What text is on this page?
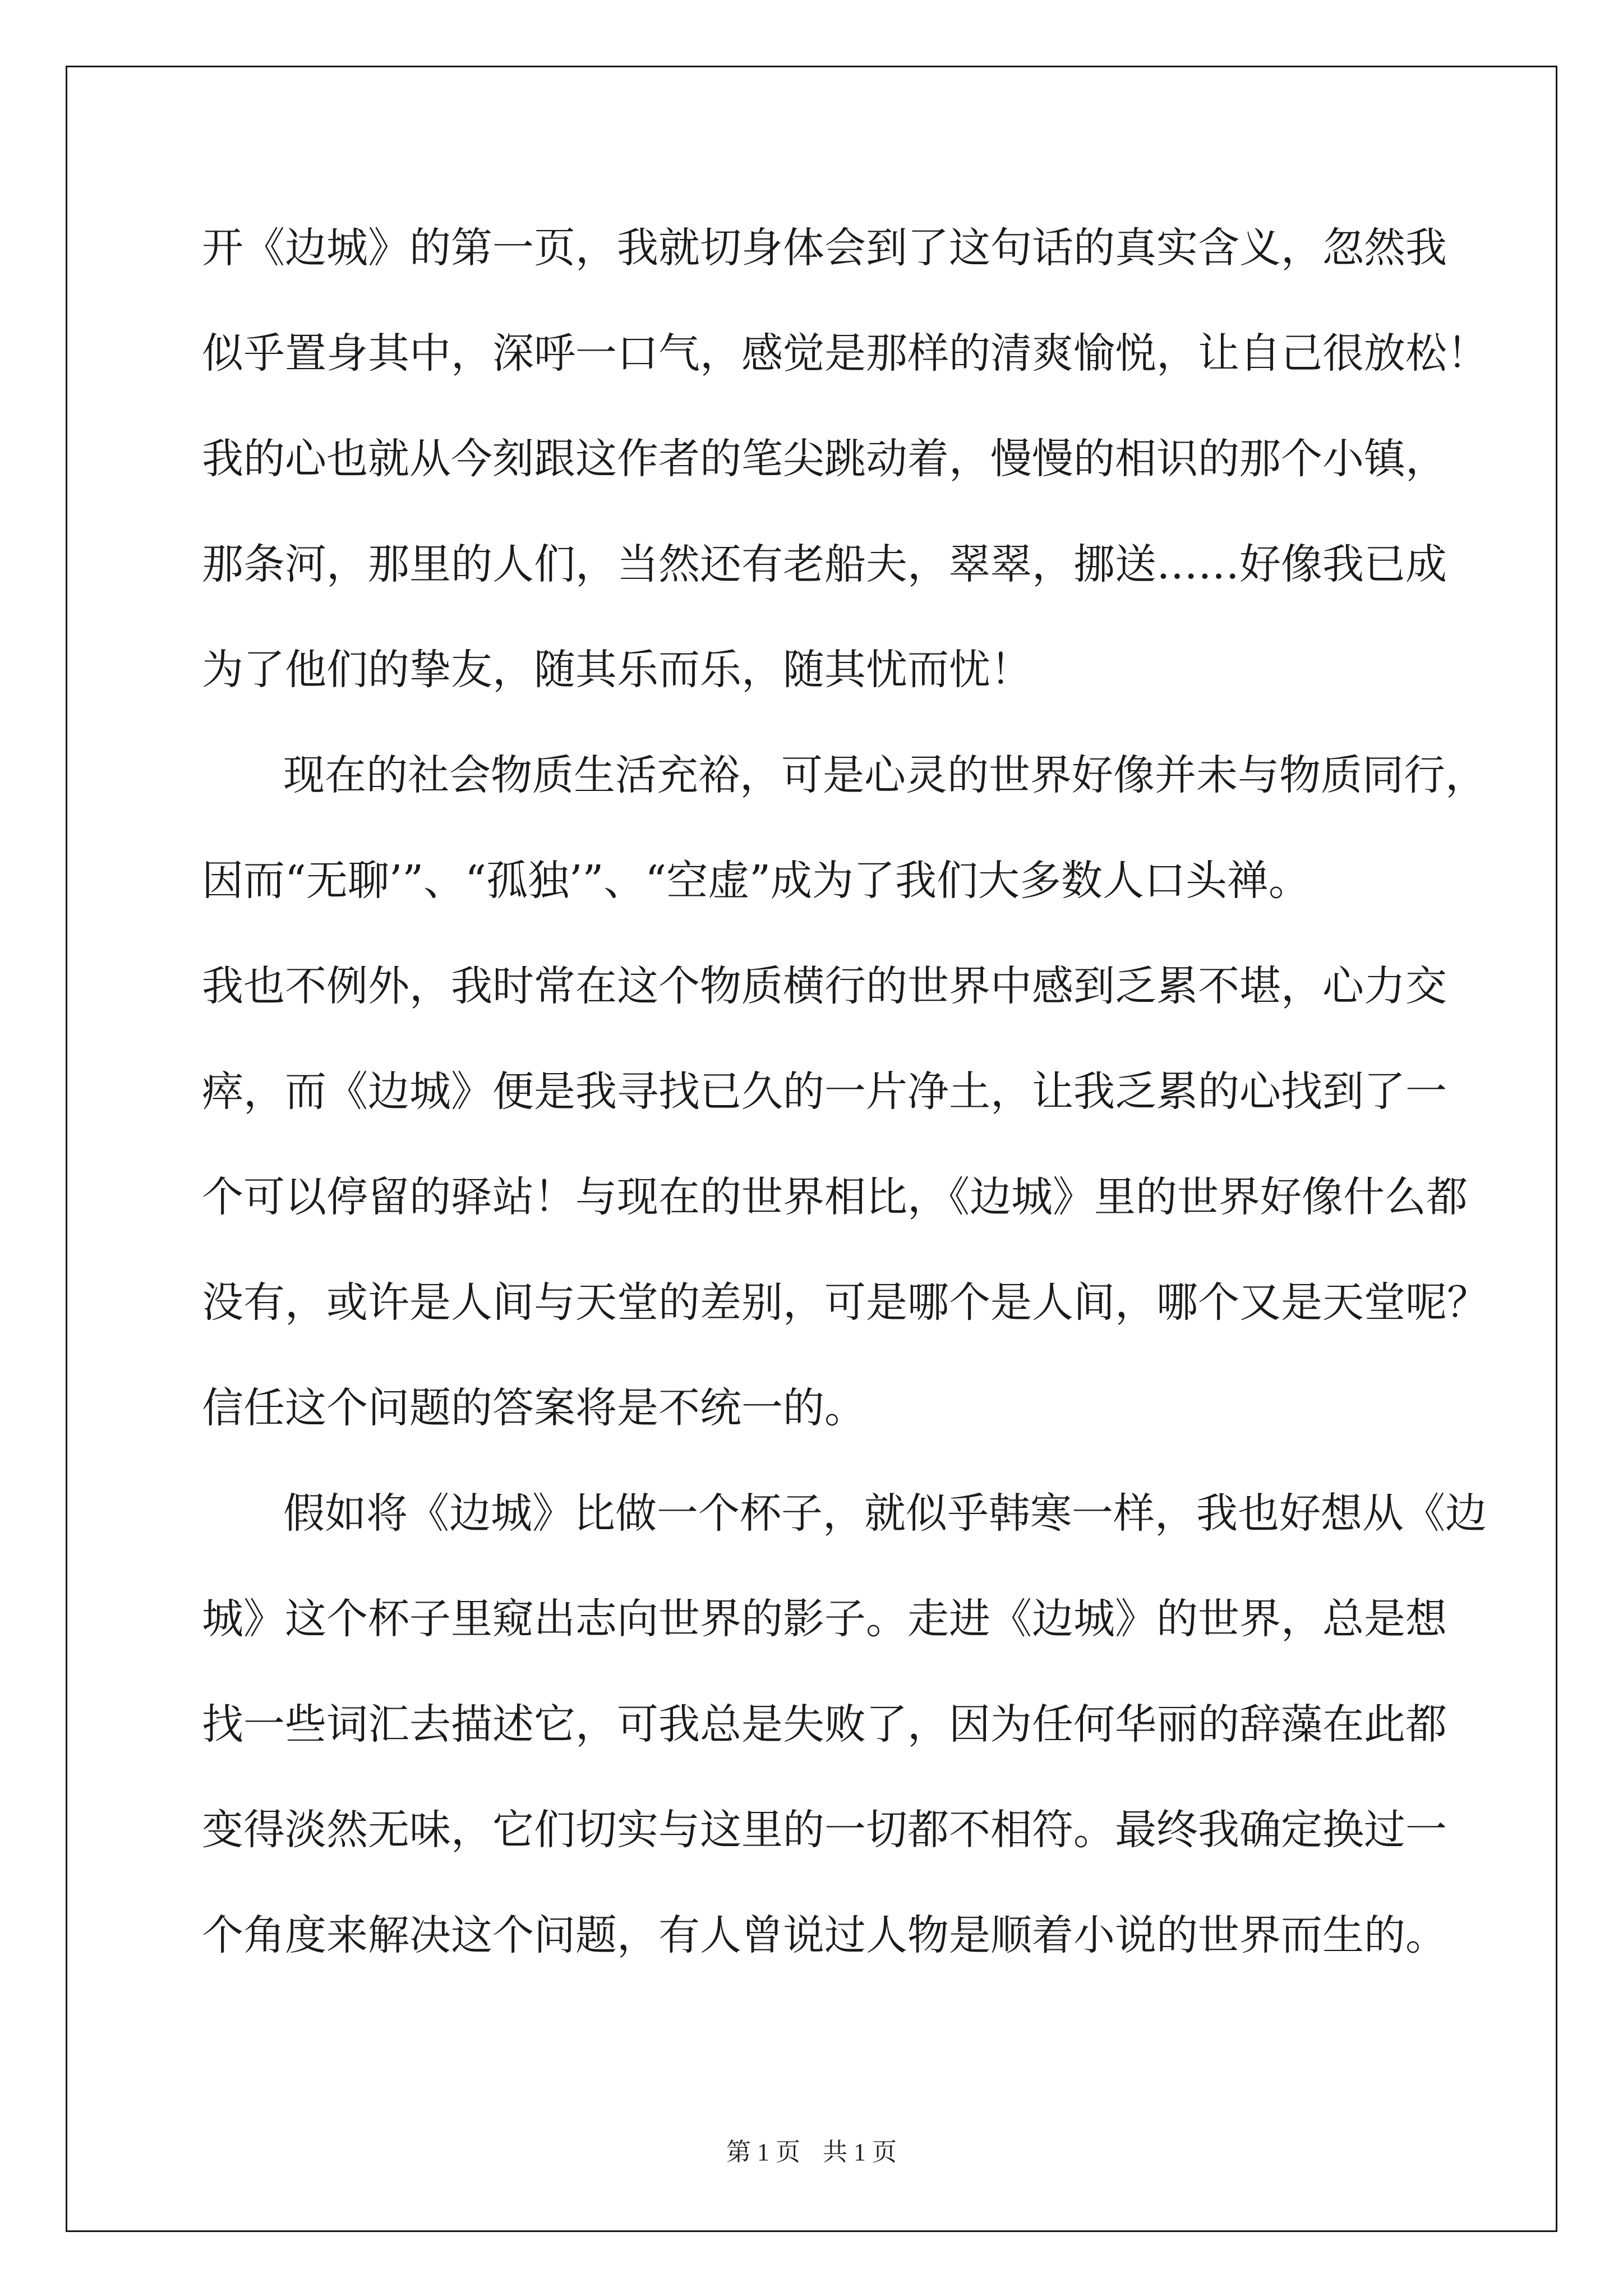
开《边城》的第一页，我就切身体会到了这句话的真实含义，忽然我
似乎置身其中，深呼一口气，感觉是那样的清爽愉悦，让自己很放松！
我的心也就从今刻跟这作者的笔尖跳动着，慢慢的相识的那个小镇，
那条河，那里的人们，当然还有老船夫，翠翠，挪送……好像我已成
为了他们的挚友，随其乐而乐，随其忧而忧！
现在的社会物质生活充裕，可是心灵的世界好像并未与物质同行，
因而“无聊’”、“孤独’”、“空虚”成为了我们大多数人口头禅。
我也不例外，我时常在这个物质横行的世界中感到乏累不堪，心力交
瘁，而《边城》便是我寻找已久的一片净土，让我乏累的心找到了一
个可以停留的驿站！与现在的世界相比，《边城》里的世界好像什么都
没有，或许是人间与天堂的差别，可是哪个是人间，哪个又是天堂呢？
信任这个问题的答案将是不统一的。
假如将《边城》比做一个杯子，就似乎韩寒一样，我也好想从《边
城》这个杯子里窥出志向世界的影子。走进《边城》的世界，总是想
找一些词汇去描述它，可我总是失败了，因为任何华丽的辞藻在此都
变得淡然无味，它们切实与这里的一切都不相符。最终我确定换过一
个角度来解决这个问题，有人曾说过人物是顺着小说的世界而生的。
第 1 页 共 1 页
